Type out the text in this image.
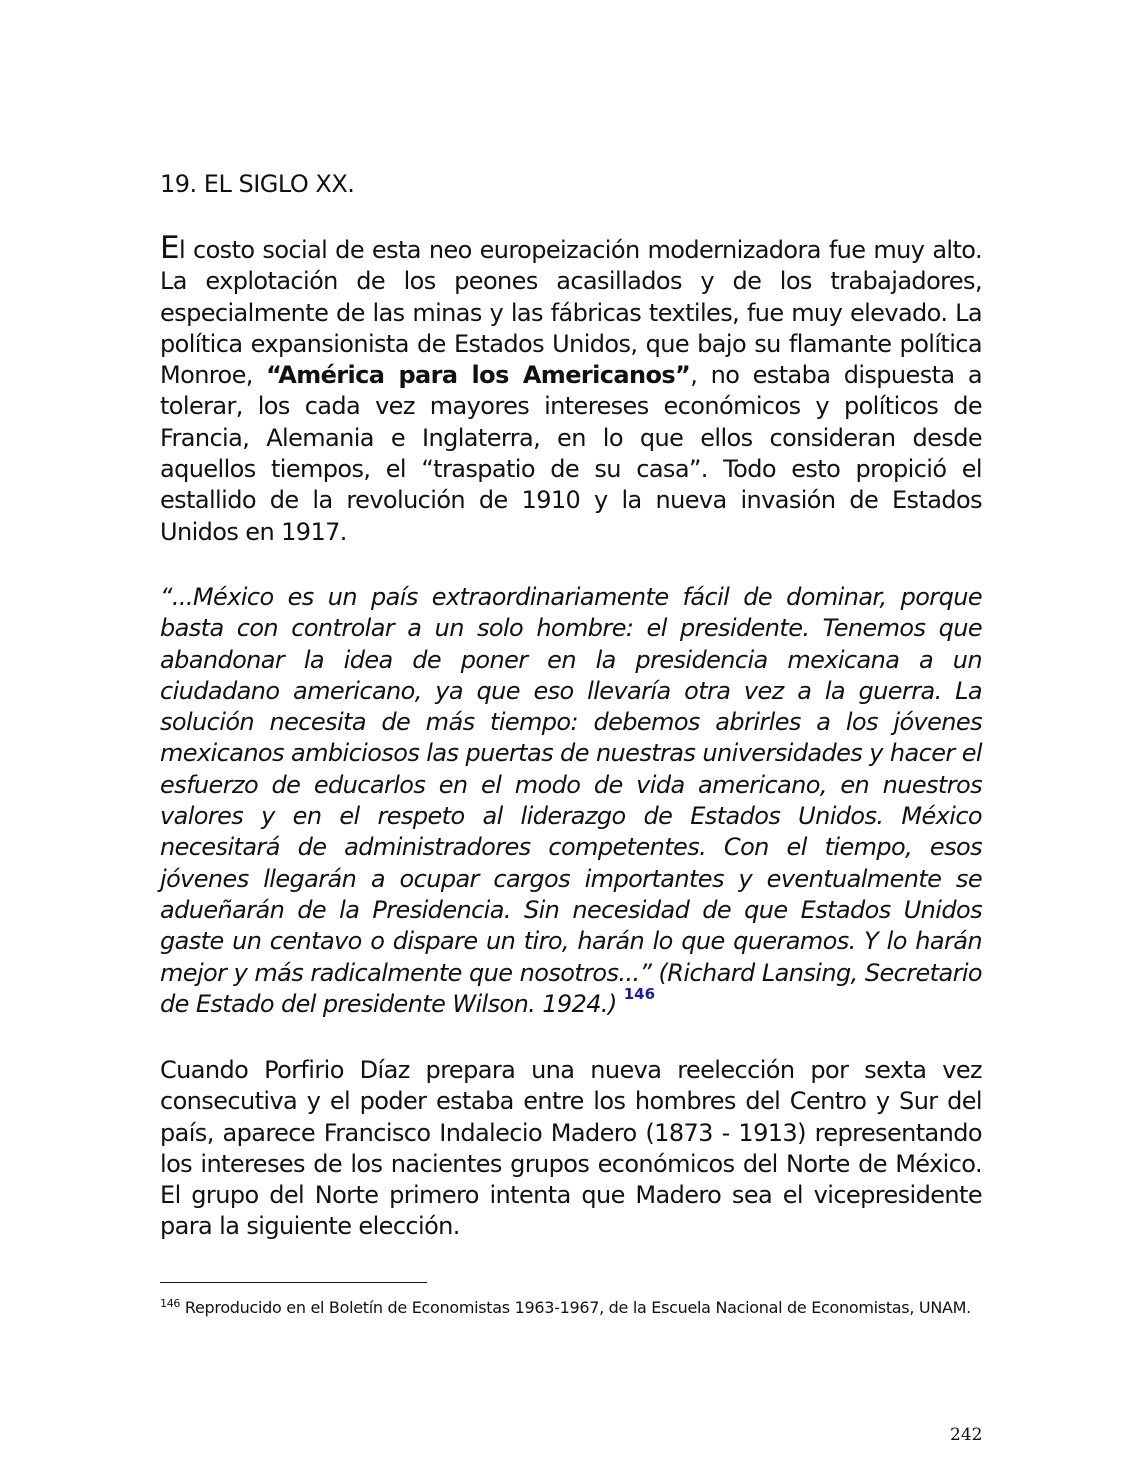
19. EL SIGLO XX.

El costo social de esta neo europeización modernizadora fue muy alto. La explotación de los peones acasillados y de los trabajadores, especialmente de las minas y las fábricas textiles, fue muy elevado. La política expansionista de Estados Unidos, que bajo su flamante política Monroe, “América para los Americanos”, no estaba dispuesta a tolerar, los cada vez mayores intereses económicos y políticos de Francia, Alemania e Inglaterra, en lo que ellos consideran desde aquellos tiempos, el “traspatio de su casa”. Todo esto propició el estallido de la revolución de 1910 y la nueva invasión de Estados Unidos en 1917.

“...México es un país extraordinariamente fácil de dominar, porque basta con controlar a un solo hombre: el presidente. Tenemos que abandonar la idea de poner en la presidencia mexicana a un ciudadano americano, ya que eso llevaría otra vez a la guerra. La solución necesita de más tiempo: debemos abrirles a los jóvenes mexicanos ambiciosos las puertas de nuestras universidades y hacer el esfuerzo de educarlos en el modo de vida americano, en nuestros valores y en el respeto al liderazgo de Estados Unidos. México necesitará de administradores competentes. Con el tiempo, esos jóvenes llegarán a ocupar cargos importantes y eventualmente se adueñarán de la Presidencia. Sin necesidad de que Estados Unidos gaste un centavo o dispare un tiro, harán lo que queramos. Y lo harán mejor y más radicalmente que nosotros...” (Richard Lansing, Secretario de Estado del presidente Wilson. 1924.) $^{146}$

Cuando Porfirio Díaz prepara una nueva reelección por sexta vez consecutiva y el poder estaba entre los hombres del Centro y Sur del país, aparece Francisco Indalecio Madero (1873 - 1913) representando los intereses de los nacientes grupos económicos del Norte de México. El grupo del Norte primero intenta que Madero sea el vicepresidente para la siguiente elección.

$^{146}$ Reproducido en el Boletín de Economistas 1963-1967, de la Escuela Nacional de Economistas, UNAM.

242
